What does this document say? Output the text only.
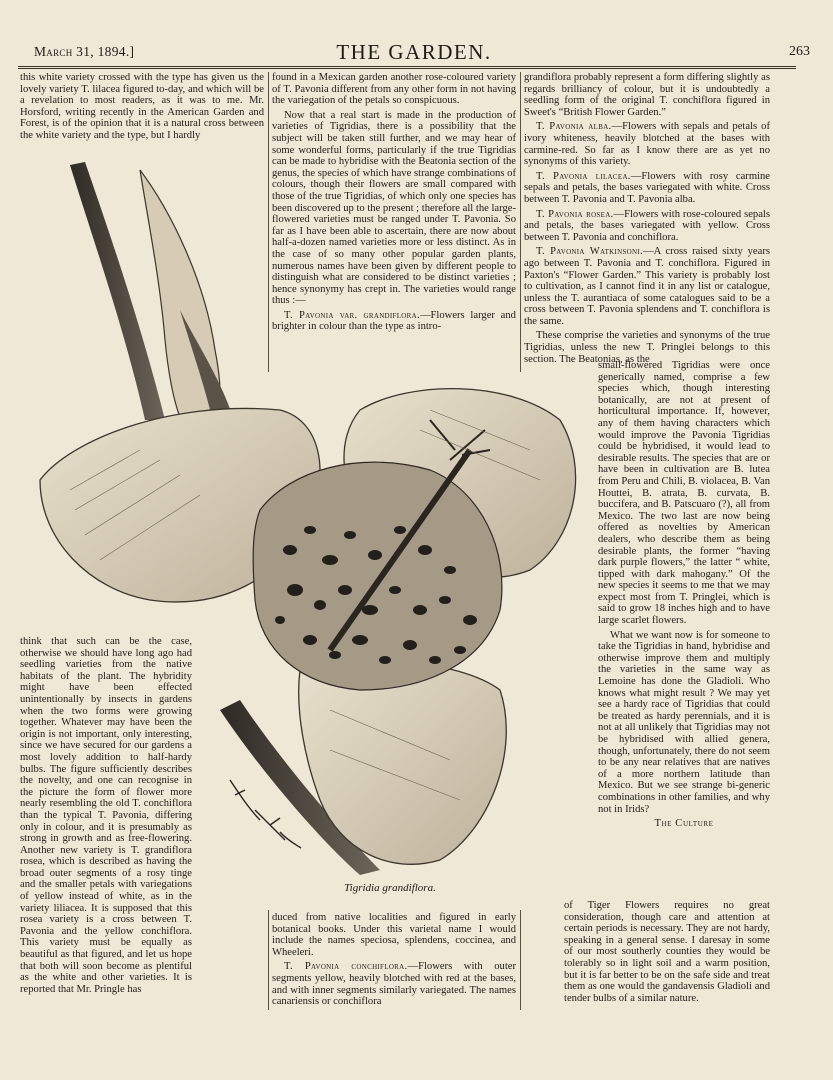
March 31, 1894.]	THE GARDEN.	263

this white variety crossed with the type has given us the lovely variety T. lilacea figured to-day, and which will be a revelation to most readers, as it was to me. Mr. Horsford, writing recently in the American Garden and Forest, is of the opinion that it is a natural cross between the white variety and the type, but I hardly

think that such can be the case, otherwise we should have long ago had seedling varieties from the native habitats of the plant. The hybridity might have been effected unintentionally by insects in gardens when the two forms were growing together. Whatever may have been the origin is not important, only interesting, since we have secured for our gardens a most lovely addition to half-hardy bulbs. The figure sufficiently describes the novelty, and one can recognise in the picture the form of flower more nearly resembling the old T. conchiflora than the typical T. Pavonia, differing only in colour, and it is presumably as strong in growth and as free-flowering. Another new variety is T. grandiflora rosea, which is described as having the broad outer segments of a rosy tinge and the smaller petals with variegations of yellow instead of white, as in the variety liliacea. It is supposed that this rosea variety is a cross between T. Pavonia and the yellow conchiflora. This variety must be equally as beautiful as that figured, and let us hope that both will soon become as plentiful as the white and other varieties. It is reported that Mr. Pringle has

found in a Mexican garden another rose-coloured variety of T. Pavonia different from any other form in not having the variegation of the petals so conspicuous.

Now that a real start is made in the production of varieties of Tigridias, there is a possibility that the subject will be taken still further, and we may hear of some wonderful forms, particularly if the true Tigridias can be made to hybridise with the Beatonia section of the genus, the species of which have strange combinations of colours, though their flowers are small compared with those of the true Tigridias, of which only one species has been discovered up to the present ; therefore all the large-flowered varieties must be ranged under T. Pavonia. So far as I have been able to ascertain, there are now about half-a-dozen named varieties more or less distinct. As in the case of so many other popular garden plants, numerous names have been given by different people to distinguish what are considered to be distinct varieties ; hence synonymy has crept in. The varieties would range thus :—

T. Pavonia var. grandiflora.—Flowers larger and brighter in colour than the type as intro-

duced from native localities and figured in early botanical books. Under this varietal name I would include the names speciosa, splendens, coccinea, and Wheeleri.

T. Pavonia conchiflora.—Flowers with outer segments yellow, heavily blotched with red at the bases, and with inner segments similarly variegated. The names canariensis or conchiflora

grandiflora probably represent a form differing slightly as regards brilliancy of colour, but it is undoubtedly a seedling form of the original T. conchiflora figured in Sweet's “British Flower Garden.”

T. Pavonia alba.—Flowers with sepals and petals of ivory whiteness, heavily blotched at the bases with carmine-red. So far as I know there are as yet no synonyms of this variety.

T. Pavonia lilacea.—Flowers with rosy carmine sepals and petals, the bases variegated with white. Cross between T. Pavonia and T. Pavonia alba.

T. Pavonia rosea.—Flowers with rose-coloured sepals and petals, the bases variegated with yellow. Cross between T. Pavonia and conchiflora.

T. Pavonia Watkinsoni.—A cross raised sixty years ago between T. Pavonia and T. conchiflora. Figured in Paxton's “Flower Garden.” This variety is probably lost to cultivation, as I cannot find it in any list or catalogue, unless the T. aurantiaca of some catalogues said to be a cross between T. Pavonia splendens and T. conchiflora is the same.

These comprise the varieties and synonyms of the true Tigridias, unless the new T. Pringlei belongs to this section. The Beatonias, as the

small-flowered Tigridias were once generically named, comprise a few species which, though interesting botanically, are not at present of horticultural importance. If, however, any of them having characters which would improve the Pavonia Tigridias could be hybridised, it would lead to desirable results. The species that are or have been in cultivation are B. lutea from Peru and Chili, B. violacea, B. Van Houttei, B. atrata, B. curvata, B. buccifera, and B. Patscuaro (?), all from Mexico. The two last are now being offered as novelties by American dealers, who describe them as being desirable plants, the former “having dark purple flowers,” the latter “ white, tipped with dark mahogany.” Of the new species it seems to me that we may expect most from T. Pringlei, which is said to grow 18 inches high and to have large scarlet flowers.

What we want now is for someone to take the Tigridias in hand, hybridise and otherwise improve them and multiply the varieties in the same way as Lemoine has done the Gladioli. Who knows what might result ? We may yet see a hardy race of Tigridias that could be treated as hardy perennials, and it is not at all unlikely that Tigridias may not be hybridised with allied genera, though, unfortunately, there do not seem to be any near relatives that are natives of a more northern latitude than Mexico. But we see strange bi-generic combinations in other families, and why not in Irids?

The Culture

of Tiger Flowers requires no great consideration, though care and attention at certain periods is necessary. They are not hardy, speaking in a general sense. I daresay in some of our most southerly counties they would be tolerably so in light soil and a warm position, but it is far better to be on the safe side and treat them as one would the gandavensis Gladioli and tender bulbs of a similar nature.

Tigridia grandiflora.
